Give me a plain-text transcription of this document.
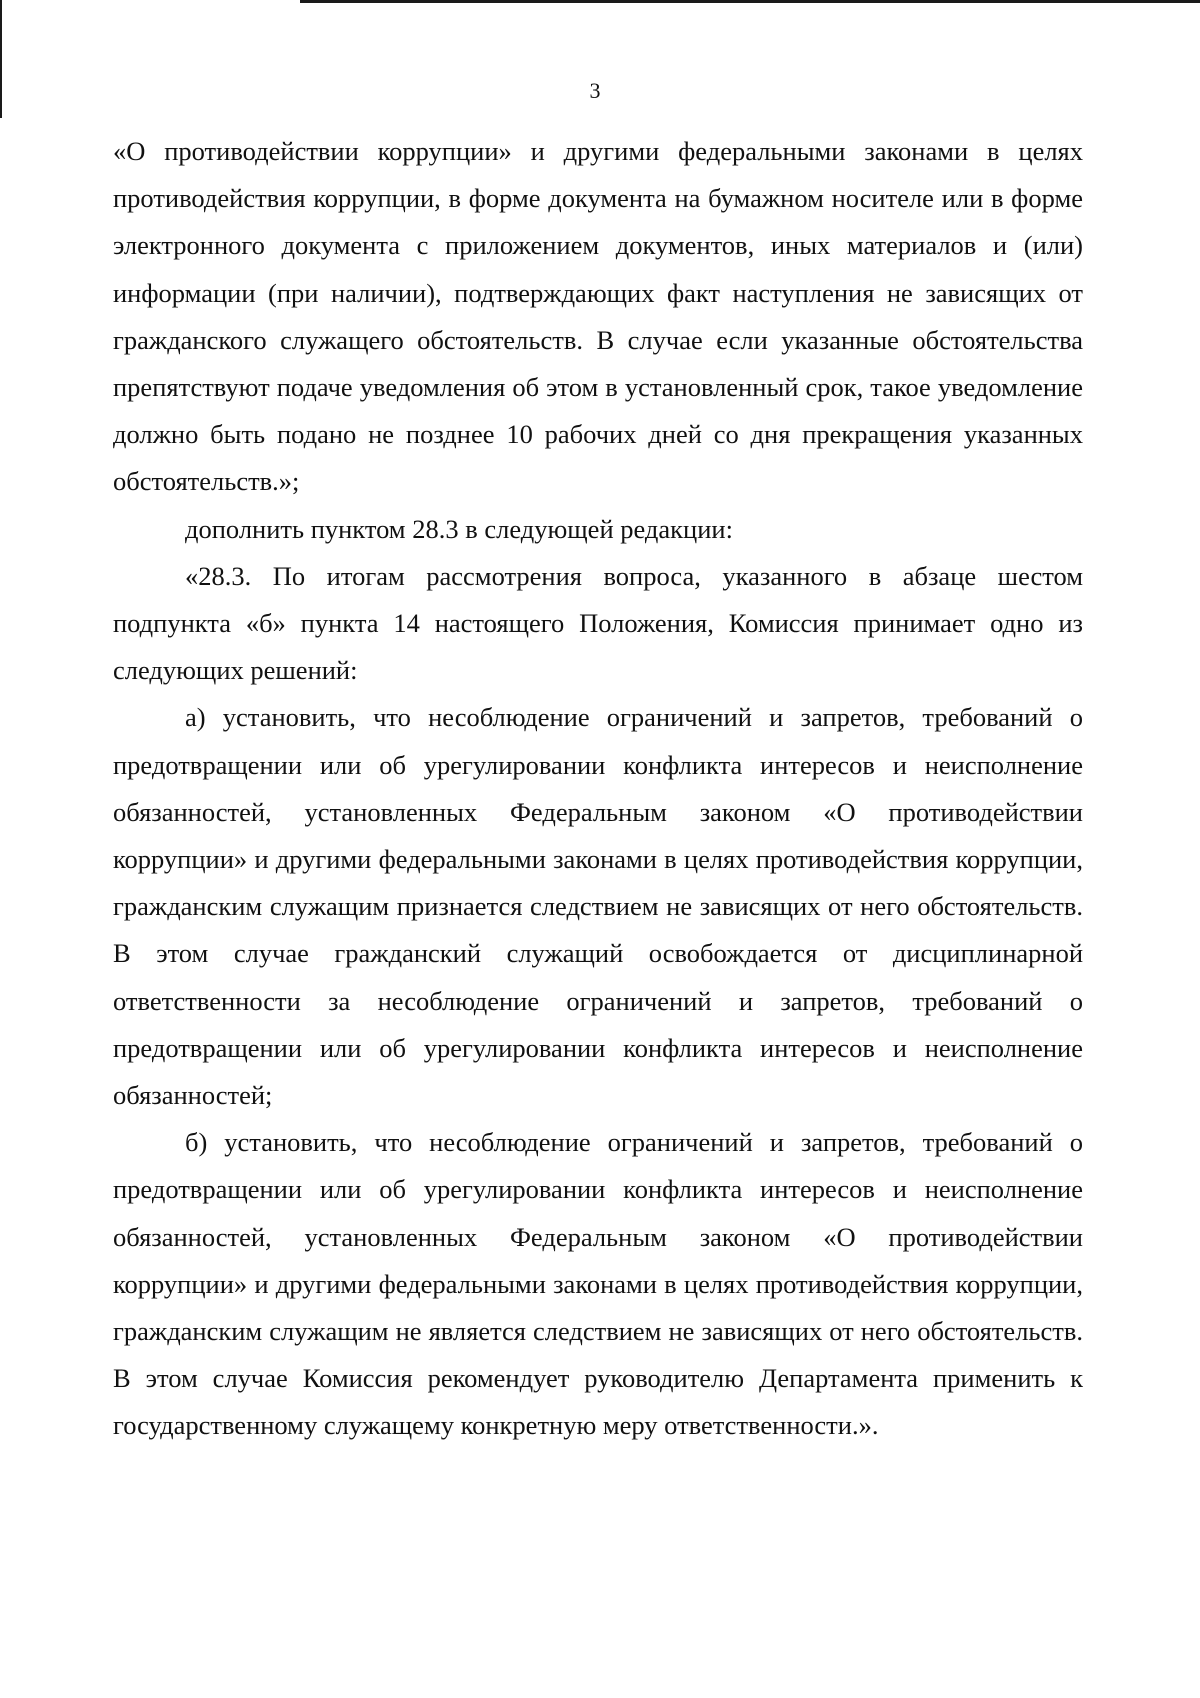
3

«О противодействии коррупции» и другими федеральными законами в целях противодействия коррупции, в форме документа на бумажном носителе или в форме электронного документа с приложением документов, иных материалов и (или) информации (при наличии), подтверждающих факт наступления не зависящих от гражданского служащего обстоятельств. В случае если указанные обстоятельства препятствуют подаче уведомления об этом в установленный срок, такое уведомление должно быть подано не позднее 10 рабочих дней со дня прекращения указанных обстоятельств.»;

дополнить пунктом 28.3 в следующей редакции:

«28.3. По итогам рассмотрения вопроса, указанного в абзаце шестом подпункта «б» пункта 14 настоящего Положения, Комиссия принимает одно из следующих решений:

а) установить, что несоблюдение ограничений и запретов, требований о предотвращении или об урегулировании конфликта интересов и неисполнение обязанностей, установленных Федеральным законом «О противодействии коррупции» и другими федеральными законами в целях противодействия коррупции, гражданским служащим признается следствием не зависящих от него обстоятельств. В этом случае гражданский служащий освобождается от дисциплинарной ответственности за несоблюдение ограничений и запретов, требований о предотвращении или об урегулировании конфликта интересов и неисполнение обязанностей;

б) установить, что несоблюдение ограничений и запретов, требований о предотвращении или об урегулировании конфликта интересов и неисполнение обязанностей, установленных Федеральным законом «О противодействии коррупции» и другими федеральными законами в целях противодействия коррупции, гражданским служащим не является следствием не зависящих от него обстоятельств. В этом случае Комиссия рекомендует руководителю Департамента применить к государственному служащему конкретную меру ответственности.».
